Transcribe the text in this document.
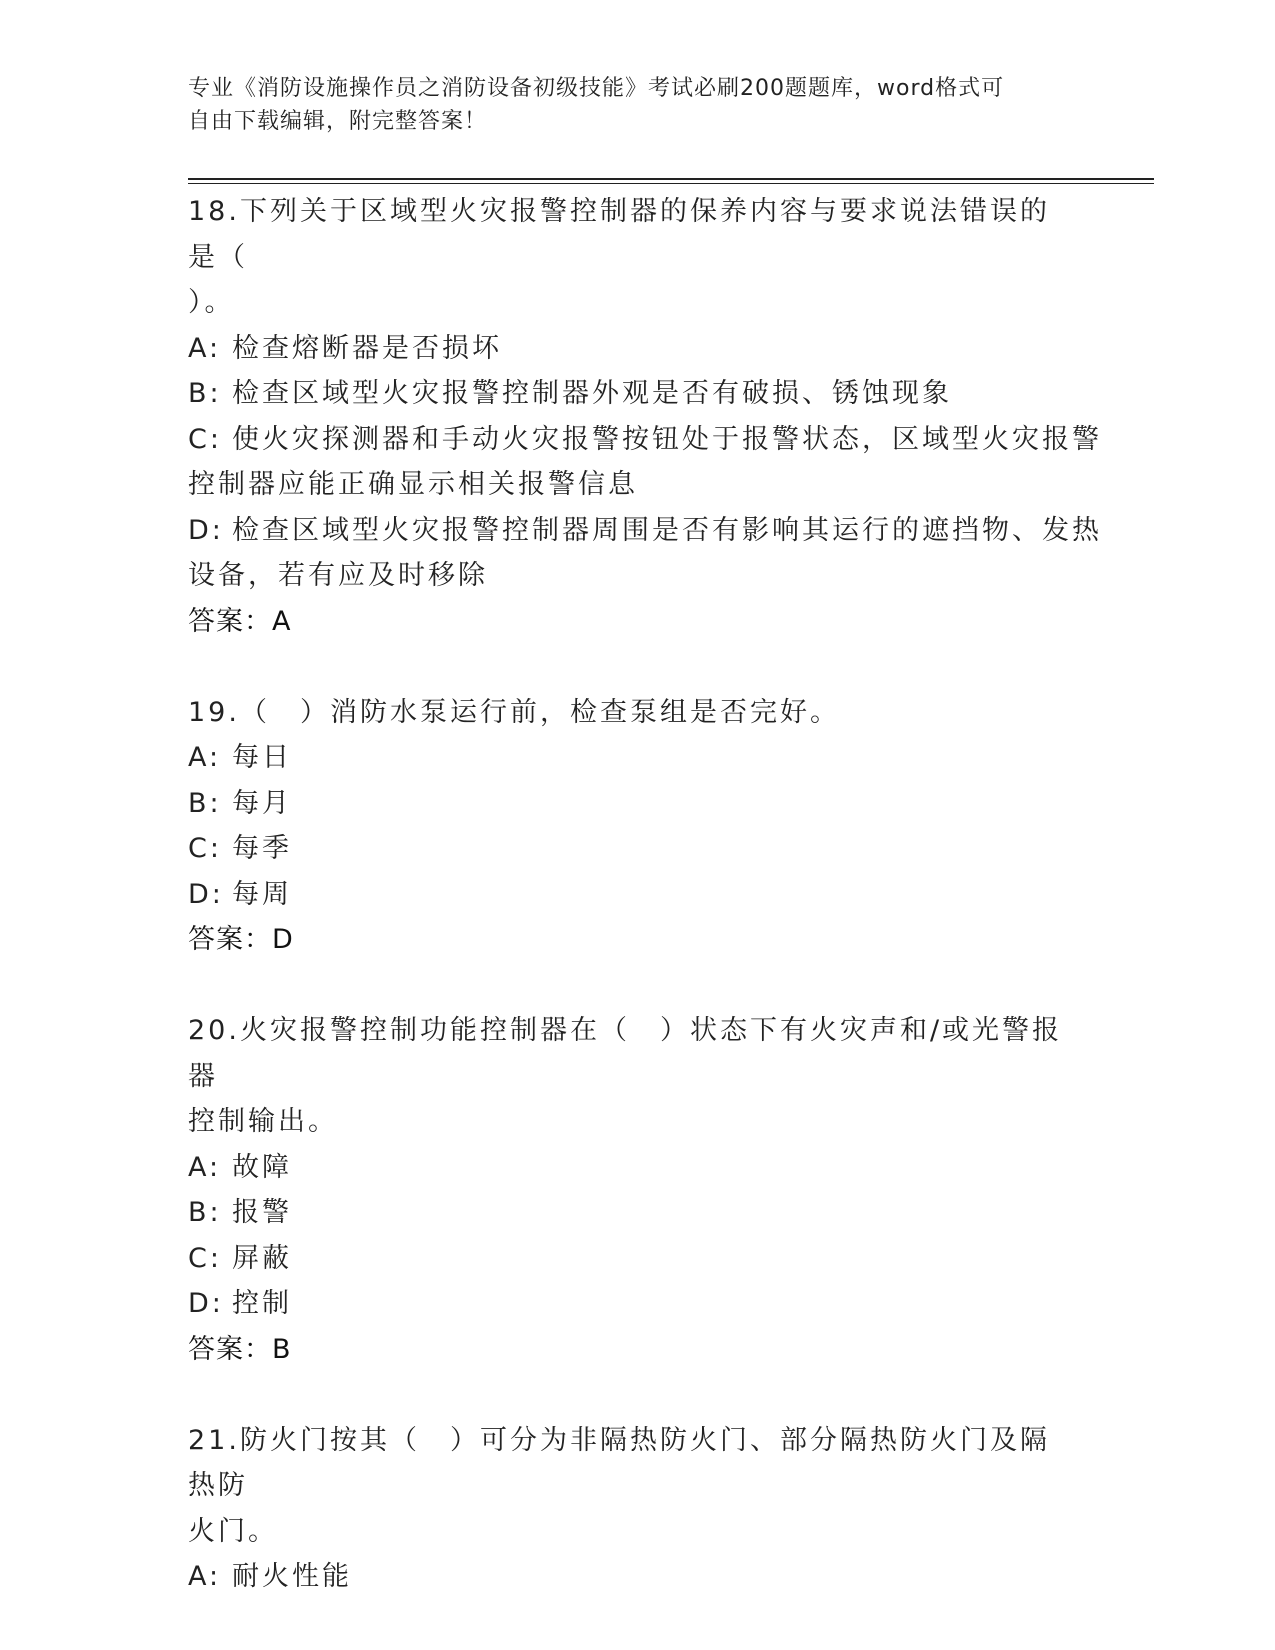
专业《消防设施操作员之消防设备初级技能》考试必刷200题题库，word格式可
自由下载编辑，附完整答案！
18.下列关于区域型火灾报警控制器的保养内容与要求说法错误的是（
）。
A: 检查熔断器是否损坏
B: 检查区域型火灾报警控制器外观是否有破损、锈蚀现象
C: 使火灾探测器和手动火灾报警按钮处于报警状态，区域型火灾报警
控制器应能正确显示相关报警信息
D: 检查区域型火灾报警控制器周围是否有影响其运行的遮挡物、发热
设备，若有应及时移除
答案：A
19.（　）消防水泵运行前，检查泵组是否完好。
A: 每日
B: 每月
C: 每季
D: 每周
答案：D
20.火灾报警控制功能控制器在（　）状态下有火灾声和/或光警报器
控制输出。
A: 故障
B: 报警
C: 屏蔽
D: 控制
答案：B
21.防火门按其（　）可分为非隔热防火门、部分隔热防火门及隔热防
火门。
A: 耐火性能
